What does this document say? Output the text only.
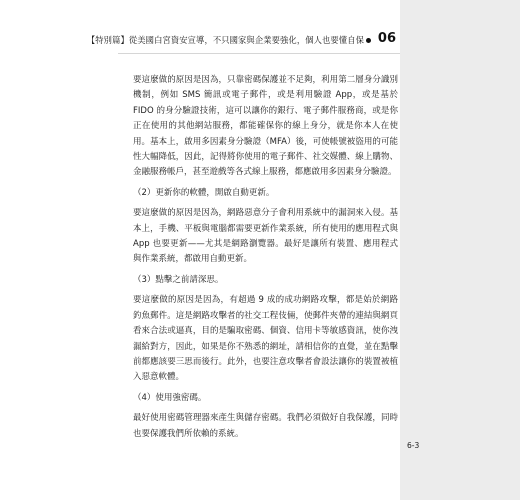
【特別篇】從美國白宮資安宣導，不只國家與企業要強化，個人也要懂自保 06

要這麼做的原因是因為，只靠密碼保護並不足夠，利用第二層身分識別機制，例如 SMS 簡訊或電子郵件，或是利用驗證 App，或是基於 FIDO 的身分驗證技術，這可以讓你的銀行、電子郵件服務商，或是你正在使用的其他網站服務，都能確保你的線上身分，就是你本人在使用。基本上，啟用多因素身分驗證（MFA）後，可使帳號被盜用的可能性大幅降低，因此，記得將你使用的電子郵件、社交媒體、線上購物、金融服務帳戶，甚至遊戲等各式線上服務，都應啟用多因素身分驗證。

（2）更新你的軟體，開啟自動更新。

要這麼做的原因是因為，網路惡意分子會利用系統中的漏洞來入侵。基本上，手機、平板與電腦都需要更新作業系統，所有使用的應用程式與 App 也要更新——尤其是網路瀏覽器。最好是讓所有裝置、應用程式與作業系統，都啟用自動更新。

（3）點擊之前請深思。

要這麼做的原因是因為，有超過 9 成的成功網路攻擊，都是始於網路釣魚郵件。這是網路攻擊者的社交工程伎倆，使郵件夾帶的連結與網頁看來合法或逼真，目的是騙取密碼、個資、信用卡等敏感資訊，使你洩漏給對方，因此，如果是你不熟悉的網址，請相信你的直覺，並在點擊前都應該要三思而後行。此外，也要注意攻擊者會設法讓你的裝置被植入惡意軟體。

（4）使用強密碼。

最好使用密碼管理器來產生與儲存密碼。我們必須做好自我保護，同時也要保護我們所依賴的系統。

6-3
